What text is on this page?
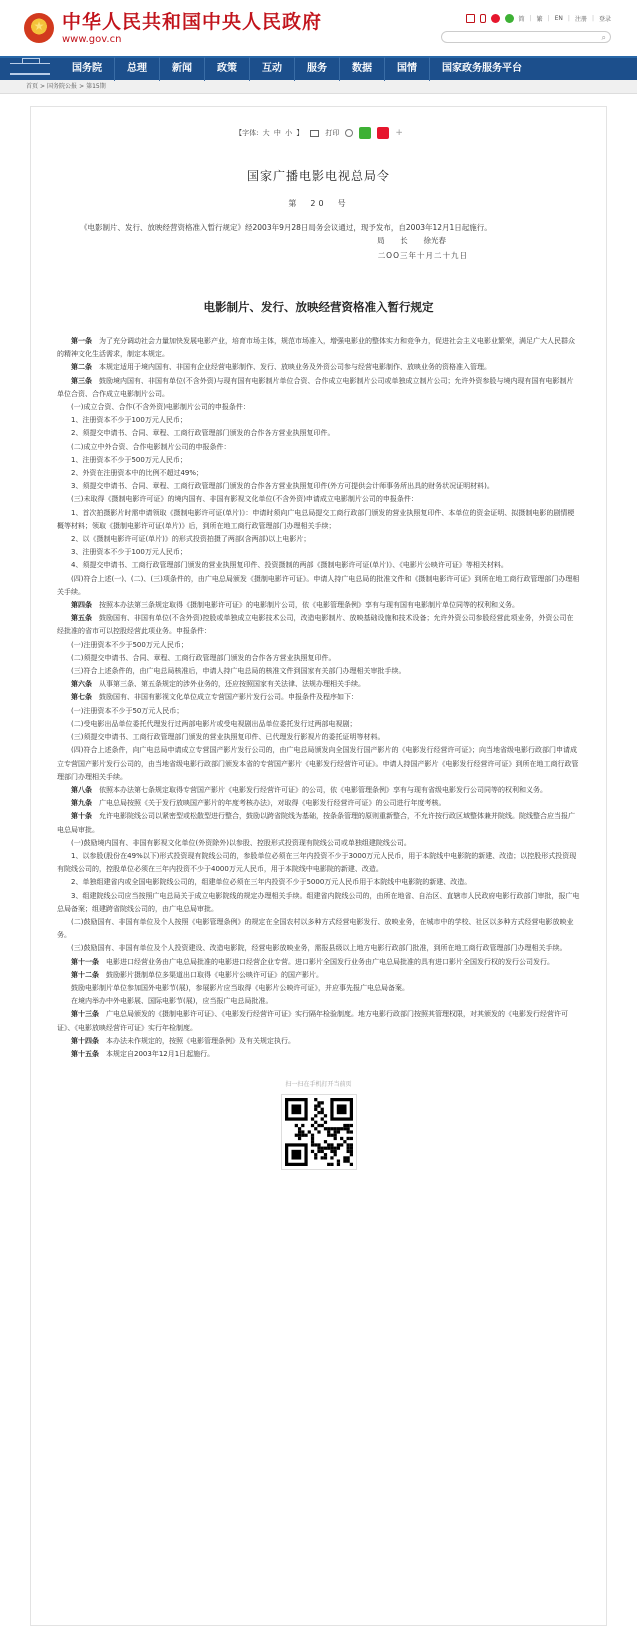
★
中华人民共和国中央人民政府
www.gov.cn
简 | 繁 | EN | 注册 | 登录
⌕
国务院	总理	新闻	政策	互动	服务	数据	国情	国家政务服务平台
首页 > 国务院公报 > 第15期
【字体: 大 中 小 】	打印	+
国家广播电影电视总局令
第　20　号
《电影制片、发行、放映经营资格准入暂行规定》经2003年9月28日局务会议通过，现予发布，自2003年12月1日起施行。
局　长 徐光春
二OO三年十月二十九日
电影制片、发行、放映经营资格准入暂行规定
第一条　 为了充分调动社会力量加快发展电影产业，培育市场主体，规范市场准入，增强电影业的整体实力和竞争力，促进社会主义电影业繁荣，满足广大人民群众的精神文化生活需求，制定本规定。
第二条　 本规定适用于境内国有、非国有企业经营电影制作、发行、放映业务及外资公司参与经营电影制作、放映业务的资格准入管理。
第三条　 鼓励境内国有、非国有单位(不含外资)与现有国有电影制片单位合资、合作成立电影制片公司或单独成立制片公司；允许外资参股与境内现有国有电影制片单位合资、合作成立电影制片公司。
(一)成立合资、合作(不含外资)电影制片公司的申报条件：
1、注册资本不少于100万元人民币；
2、须提交申请书、合同、章程、工商行政管理部门颁发的合作各方营业执照复印件。
(二)成立中外合资、合作电影制片公司的申报条件：
1、注册资本不少于500万元人民币；
2、外资在注册资本中的比例不超过49%；
3、须提交申请书、合同、章程、工商行政管理部门颁发的合作各方营业执照复印件(外方可提供会计师事务所出具的财务状况证明材料)。
(三)未取得《摄制电影许可证》的境内国有、非国有影视文化单位(不含外资)申请成立电影制片公司的申报条件：
1、首次拍摄影片时需申请领取《摄制电影许可证(单片)》：申请时须向广电总局提交工商行政部门颁发的营业执照复印件、本单位的资金证明、拟摄制电影的剧情梗概等材料；领取《摄制电影许可证(单片)》后，到所在地工商行政管理部门办理相关手续；
2、以《摄制电影许可证(单片)》的形式投资拍摄了两部(含两部)以上电影片；
3、注册资本不少于100万元人民币；
4、须提交申请书、工商行政管理部门颁发的营业执照复印件、投资摄制的两部《摄制电影许可证(单片)》、《电影片公映许可证》等相关材料。
(四)符合上述(一)、(二)、(三)项条件的，由广电总局颁发《摄制电影许可证》。申请人持广电总局的批准文件和《摄制电影许可证》到所在地工商行政管理部门办理相关手续。
第四条　 按照本办法第三条规定取得《摄制电影许可证》的电影制片公司，依《电影管理条例》享有与现有国有电影制片单位同等的权利和义务。
第五条　 鼓励国有、非国有单位(不含外资)控股或单独成立电影技术公司，改造电影制片、放映基础设施和技术设备；允许外资公司参股经营此项业务，外资公司在经批准的省市可以控股经营此项业务。申报条件：
(一)注册资本不少于500万元人民币；
(二)须提交申请书、合同、章程、工商行政管理部门颁发的合作各方营业执照复印件。
(三)符合上述条件的，由广电总局核准后，申请人持广电总局的核准文件到国家有关部门办理相关审批手续。
第六条　 从事第三条、第五条规定的涉外业务的，还应按照国家有关法律、法规办理相关手续。
第七条　 鼓励国有、非国有影视文化单位成立专营国产影片发行公司。申报条件及程序如下：
(一)注册资本不少于50万元人民币；
(二)受电影出品单位委托代理发行过两部电影片或受电视剧出品单位委托发行过两部电视剧；
(三)须提交申请书、工商行政管理部门颁发的营业执照复印件、已代理发行影视片的委托证明等材料。
(四)符合上述条件，向广电总局申请成立专营国产影片发行公司的，由广电总局颁发向全国发行国产影片的《电影发行经营许可证》；向当地省级电影行政部门申请成立专营国产影片发行公司的，由当地省级电影行政部门颁发本省的专营国产影片《电影发行经营许可证》。申请人持国产影片《电影发行经营许可证》到所在地工商行政管理部门办理相关手续。
第八条　 依照本办法第七条规定取得专营国产影片《电影发行经营许可证》的公司，依《电影管理条例》享有与现有省级电影发行公司同等的权利和义务。
第九条　 广电总局按照《关于发行放映国产影片的年度考核办法》，对取得《电影发行经营许可证》的公司进行年度考核。
第十条　 允许电影院线公司以紧密型或松散型进行整合，鼓励以跨省院线为基础，按条条管理的原则重新整合，不允许按行政区域整体兼并院线。院线整合应当报广电总局审批。
(一)鼓励境内国有、非国有影视文化单位(外资除外)以参股、控股形式投资现有院线公司或单独组建院线公司。
1、以参股(股份在49%以下)形式投资现有院线公司的，参股单位必须在三年内投资不少于3000万元人民币，用于本院线中电影院的新建、改造；以控股形式投资现有院线公司的，控股单位必须在三年内投资不少于4000万元人民币，用于本院线中电影院的新建、改造。
2、单独组建省内或全国电影院线公司的，组建单位必须在三年内投资不少于5000万元人民币用于本院线中电影院的新建、改造。
3、组建院线公司应当按照广电总局关于成立电影院线的规定办理相关手续。组建省内院线公司的，由所在地省、自治区、直辖市人民政府电影行政部门审批，报广电总局备案；组建跨省院线公司的，由广电总局审批。
(二)鼓励国有、非国有单位及个人按照《电影管理条例》的规定在全国农村以多种方式经营电影发行、放映业务，在城市中的学校、社区以多种方式经营电影放映业务。
(三)鼓励国有、非国有单位及个人投资建设、改造电影院，经营电影放映业务，需报县级以上地方电影行政部门批准，到所在地工商行政管理部门办理相关手续。
第十一条　 电影进口经营业务由广电总局批准的电影进口经营企业专营。进口影片全国发行业务由广电总局批准的具有进口影片全国发行权的发行公司发行。
第十二条　 鼓励影片摄制单位多渠道出口取得《电影片公映许可证》的国产影片。
鼓励电影制片单位参加国外电影节(展)，参展影片应当取得《电影片公映许可证》，并应事先报广电总局备案。
在境内举办中外电影展、国际电影节(展)，应当报广电总局批准。
第十三条　 广电总局颁发的《摄制电影许可证》、《电影发行经营许可证》实行隔年检验制度。地方电影行政部门按照其管理权限，对其颁发的《电影发行经营许可证》、《电影放映经营许可证》实行年检制度。
第十四条　 本办法未作规定的，按照《电影管理条例》及有关规定执行。
第十五条　 本规定自2003年12月1日起施行。
扫一扫在手机打开当前页
